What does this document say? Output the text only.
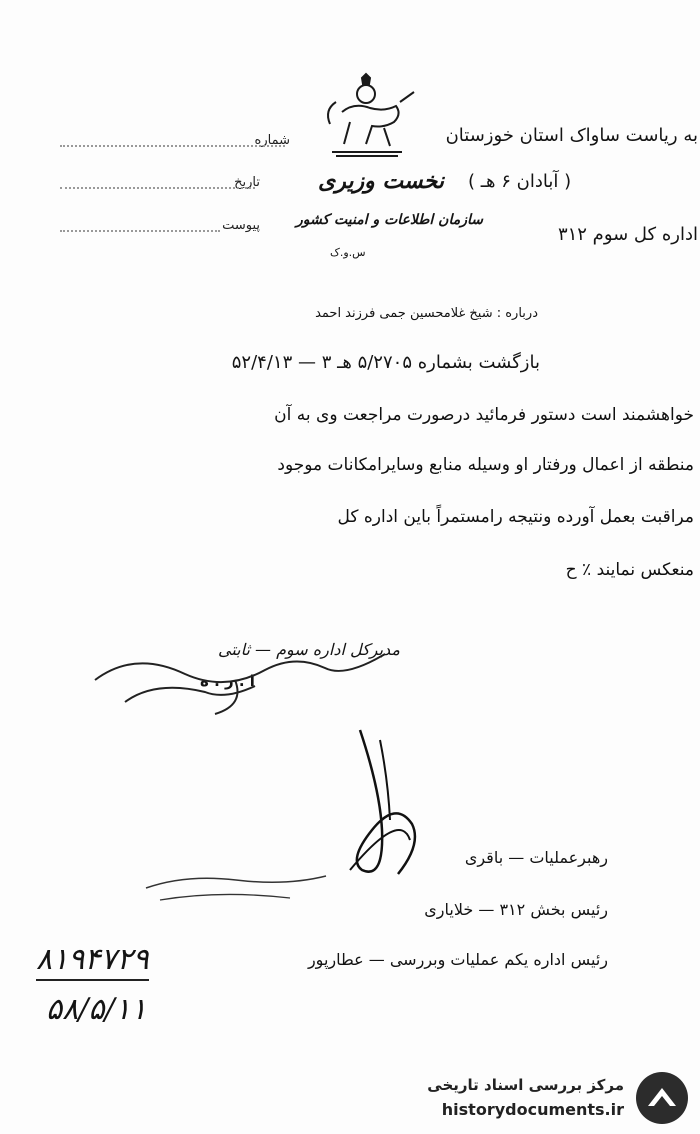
شماره
تاریخ
پیوست
نخست وزیری
سازمان اطلاعات و امنیت کشور
س.و.ک
به ریاست ساواک استان خوزستان
( آبادان ۶ هـ )
اداره کل سوم ۳۱۲
درباره : شیخ غلامحسین جمی فرزند احمد
بازگشت بشماره ۵/۲۷۰۵ هـ ۳ — ۵۲/۴/۱۳
خواهشمند است دستور فرمائید درصورت مراجعت وی به آن
منطقه از اعمال ورفتار او وسیله منابع وسایرامکانات موجود
مراقبت بعمل آورده ونتیجه رامستمراً باین اداره کل
منعکس نمایند ٪ ح
مدیرکل اداره سوم — ثابتی
ا . ر . ه
رهبرعملیات — باقری
رئیس بخش ۳۱۲ — خلایاری
رئیس اداره یکم عملیات وبررسی — عطارپور
۸۱۹۴۷۲۹
۵۸/۵/۱۱
مرکز بررسی اسناد تاریخی
historydocuments.ir
